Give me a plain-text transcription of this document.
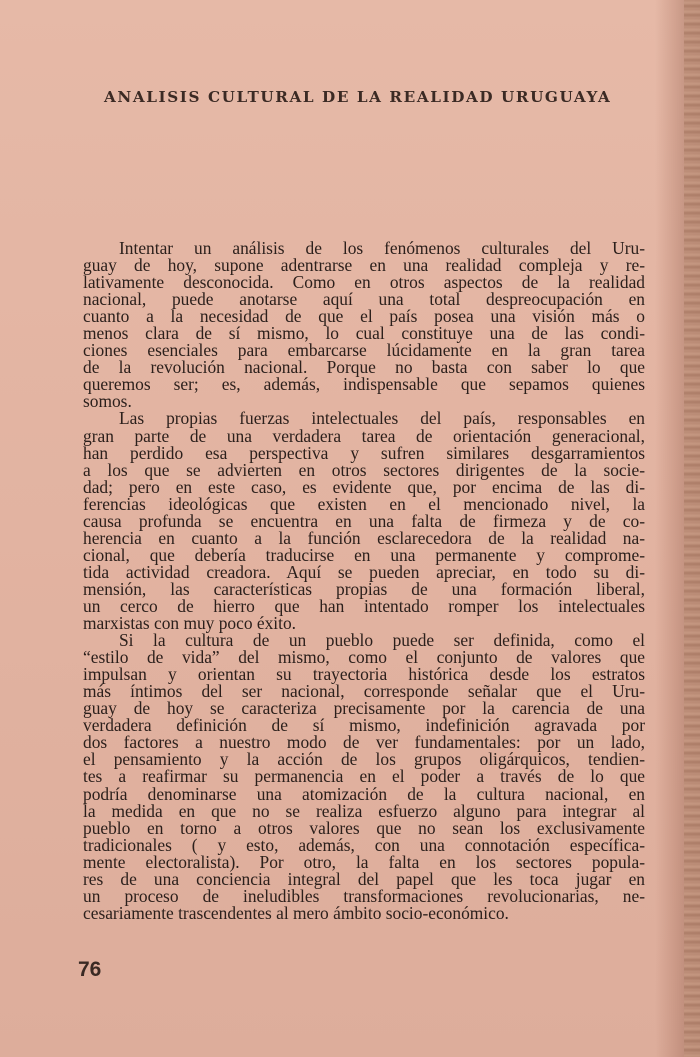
ANALISIS CULTURAL DE LA REALIDAD URUGUAYA
Intentar un análisis de los fenómenos culturales del Uru-
guay de hoy, supone adentrarse en una realidad compleja y re-
lativamente desconocida. Como en otros aspectos de la realidad
nacional, puede anotarse aquí una total despreocupación en
cuanto a la necesidad de que el país posea una visión más o
menos clara de sí mismo, lo cual constituye una de las condi-
ciones esenciales para embarcarse lúcidamente en la gran tarea
de la revolución nacional. Porque no basta con saber lo que
queremos ser; es, además, indispensable que sepamos quienes
somos.
Las propias fuerzas intelectuales del país, responsables en
gran parte de una verdadera tarea de orientación generacional,
han perdido esa perspectiva y sufren similares desgarramientos
a los que se advierten en otros sectores dirigentes de la socie-
dad; pero en este caso, es evidente que, por encima de las di-
ferencias ideológicas que existen en el mencionado nivel, la
causa profunda se encuentra en una falta de firmeza y de co-
herencia en cuanto a la función esclarecedora de la realidad na-
cional, que debería traducirse en una permanente y comprome-
tida actividad creadora. Aquí se pueden apreciar, en todo su di-
mensión, las características propias de una formación liberal,
un cerco de hierro que han intentado romper los intelectuales
marxistas con muy poco éxito.
Si la cultura de un pueblo puede ser definida, como el
“estilo de vida” del mismo, como el conjunto de valores que
impulsan y orientan su trayectoria histórica desde los estratos
más íntimos del ser nacional, corresponde señalar que el Uru-
guay de hoy se caracteriza precisamente por la carencia de una
verdadera definición de sí mismo, indefinición agravada por
dos factores a nuestro modo de ver fundamentales: por un lado,
el pensamiento y la acción de los grupos oligárquicos, tendien-
tes a reafirmar su permanencia en el poder a través de lo que
podría denominarse una atomización de la cultura nacional, en
la medida en que no se realiza esfuerzo alguno para integrar al
pueblo en torno a otros valores que no sean los exclusivamente
tradicionales ( y esto, además, con una connotación específica-
mente electoralista). Por otro, la falta en los sectores popula-
res de una conciencia integral del papel que les toca jugar en
un proceso de ineludibles transformaciones revolucionarias, ne-
cesariamente trascendentes al mero ámbito socio-económico.

76
